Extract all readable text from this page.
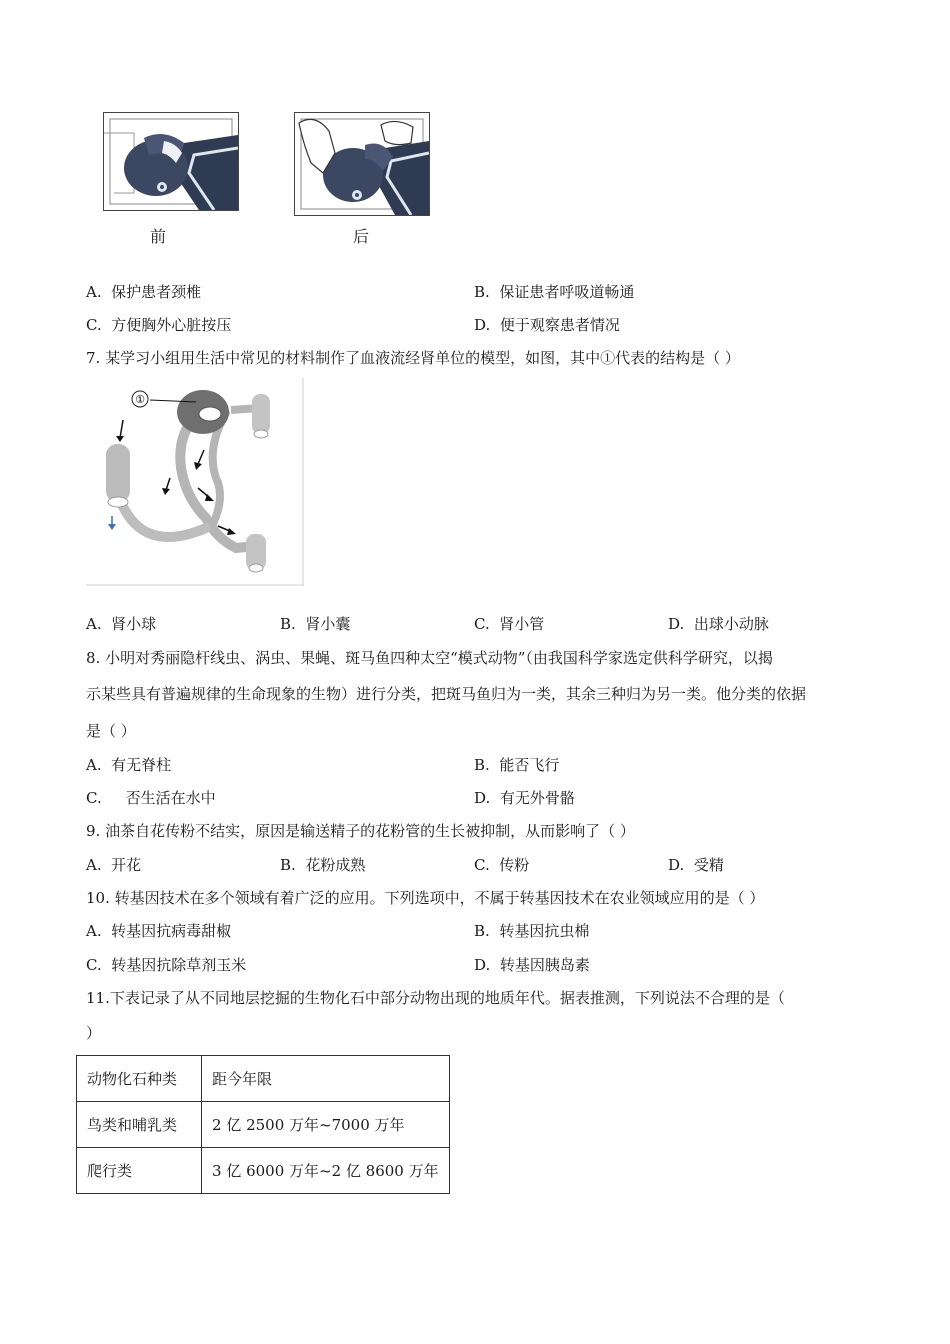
前	后
A. 保护患者颈椎	B. 保证患者呼吸道畅通
C. 方便胸外心脏按压	D. 便于观察患者情况
7. 某学习小组用生活中常见的材料制作了血液流经肾单位的模型，如图，其中①代表的结构是（ ）
①
A. 肾小球	B. 肾小囊	C. 肾小管	D. 出球小动脉
8. 小明对秀丽隐杆线虫、涡虫、果蝇、斑马鱼四种太空“模式动物”（由我国科学家选定供科学研究，以揭
示某些具有普遍规律的生命现象的生物）进行分类，把斑马鱼归为一类，其余三种归为另一类。他分类的依据
是（ ）
A. 有无脊柱	B. 能否飞行
C. 否生活在水中	D. 有无外骨骼
9. 油茶自花传粉不结实，原因是输送精子的花粉管的生长被抑制，从而影响了（ ）
A. 开花	B. 花粉成熟	C. 传粉	D. 受精
10. 转基因技术在多个领域有着广泛的应用。下列选项中，不属于转基因技术在农业领域应用的是（ ）
A. 转基因抗病毒甜椒	B. 转基因抗虫棉
C. 转基因抗除草剂玉米	D. 转基因胰岛素
11.下表记录了从不同地层挖掘的生物化石中部分动物出现的地质年代。据表推测，下列说法不合理的是（
）
动物化石种类	距今年限
鸟类和哺乳类	2 亿 2500 万年~7000 万年
爬行类	3 亿 6000 万年~2 亿 8600 万年
